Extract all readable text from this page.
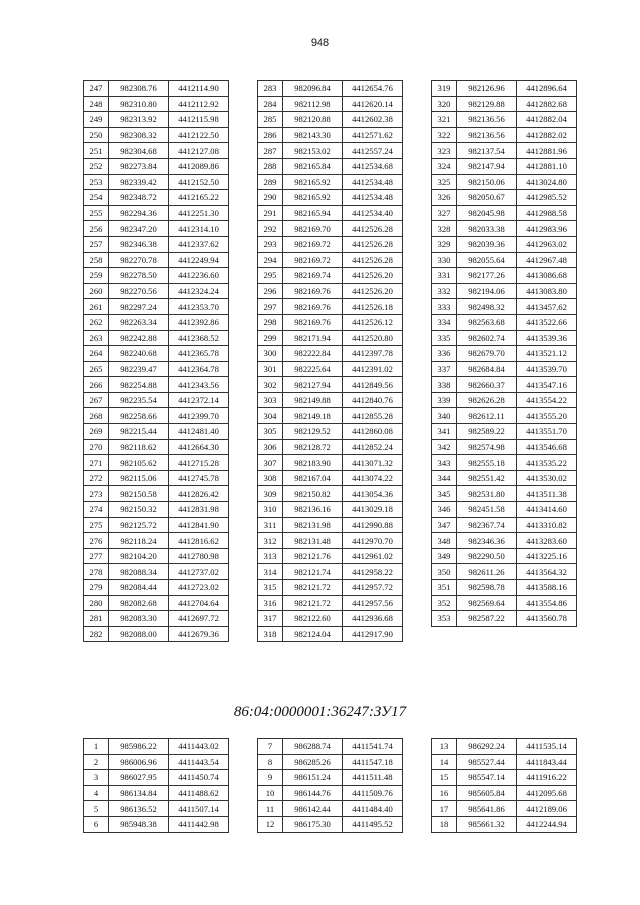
948
247	982308.76	4412114.90
248	982310.80	4412112.92
249	982313.92	4412115.98
250	982308.32	4412122.50
251	982304.68	4412127.08
252	982273.84	4412089.86
253	982339.42	4412152.50
254	982348.72	4412165.22
255	982294.36	4412251.30
256	982347.20	4412314.10
257	982346.38	4412337.62
258	982270.78	4412249.94
259	982278.50	4412236.60
260	982270.56	4412324.24
261	982297.24	4412353.70
262	982263.34	4412392.86
263	982242.88	4412368.52
264	982240.68	4412365.78
265	982239.47	4412364.78
266	982254.88	4412343.56
267	982235.54	4412372.14
268	982258.66	4412399.70
269	982215.44	4412481.40
270	982118.62	4412664.30
271	982105.62	4412715.28
272	982115.06	4412745.78
273	982150.58	4412826.42
274	982150.32	4412831.98
275	982125.72	4412841.90
276	982118.24	4412816.62
277	982104.20	4412780.98
278	982088.34	4412737.02
279	982084.44	4412723.02
280	982082.68	4412704.64
281	982083.30	4412697.72
282	982088.00	4412679.36
283	982096.84	4412654.76
284	982112.98	4412620.14
285	982120.88	4412602.38
286	982143.30	4412571.62
287	982153.02	4412557.24
288	982165.84	4412534.68
289	982165.92	4412534.48
290	982165.92	4412534.48
291	982165.94	4412534.40
292	982169.70	4412526.28
293	982169.72	4412526.28
294	982169.72	4412526.28
295	982169.74	4412526.20
296	982169.76	4412526.20
297	982169.76	4412526.18
298	982169.76	4412526.12
299	982171.94	4412520.80
300	982222.84	4412397.78
301	982225.64	4412391.02
302	982127.94	4412849.56
303	982149.88	4412840.76
304	982149.18	4412855.28
305	982129.52	4412860.08
306	982128.72	4412852.24
307	982183.90	4413071.32
308	982167.04	4413074.22
309	982150.82	4413054.36
310	982136.16	4413029.18
311	982131.98	4412990.88
312	982131.48	4412970.70
313	982121.76	4412961.02
314	982121.74	4412958.22
315	982121.72	4412957.72
316	982121.72	4412957.56
317	982122.60	4412936.68
318	982124.04	4412917.90
319	982126.96	4412896.64
320	982129.88	4412882.68
321	982136.56	4412882.04
322	982136.56	4412882.02
323	982137.54	4412881.96
324	982147.94	4412881.10
325	982150.06	4413024.80
326	982050.67	4412985.52
327	982045.98	4412988.58
328	982033.38	4412983.96
329	982039.36	4412963.02
330	982055.64	4412967.48
331	982177.26	4413086.68
332	982194.06	4413083.80
333	982498.32	4413457.62
334	982563.68	4413522.66
335	982602.74	4413539.36
336	982679.70	4413521.12
337	982684.84	4413539.70
338	982660.37	4413547.16
339	982626.28	4413554.22
340	982612.11	4413555.20
341	982589.22	4413551.70
342	982574.98	4413546.68
343	982555.18	4413535.22
344	982551.42	4413530.02
345	982531.80	4413511.38
346	982451.58	4413414.60
347	982367.74	4413310.82
348	982346.36	4413283.60
349	982290.50	4413225.16
350	982611.26	4413564.32
351	982598.78	4413588.16
352	982569.64	4413554.86
353	982587.22	4413560.78
86:04:0000001:36247:ЗУ17
1	985986.22	4411443.02
2	986006.96	4411443.54
3	986027.95	4411450.74
4	986134.84	4411488.62
5	986136.52	4411507.14
6	985948.38	4411442.98
7	986288.74	4411541.74
8	986285.26	4411547.18
9	986151.24	4411511.48
10	986144.76	4411509.76
11	986142.44	4411484.40
12	986175.30	4411495.52
13	986292.24	4411535.14
14	985527.44	4411843.44
15	985547.14	4411916.22
16	985605.84	4412095.68
17	985641.86	4412189.06
18	985661.32	4412244.94
